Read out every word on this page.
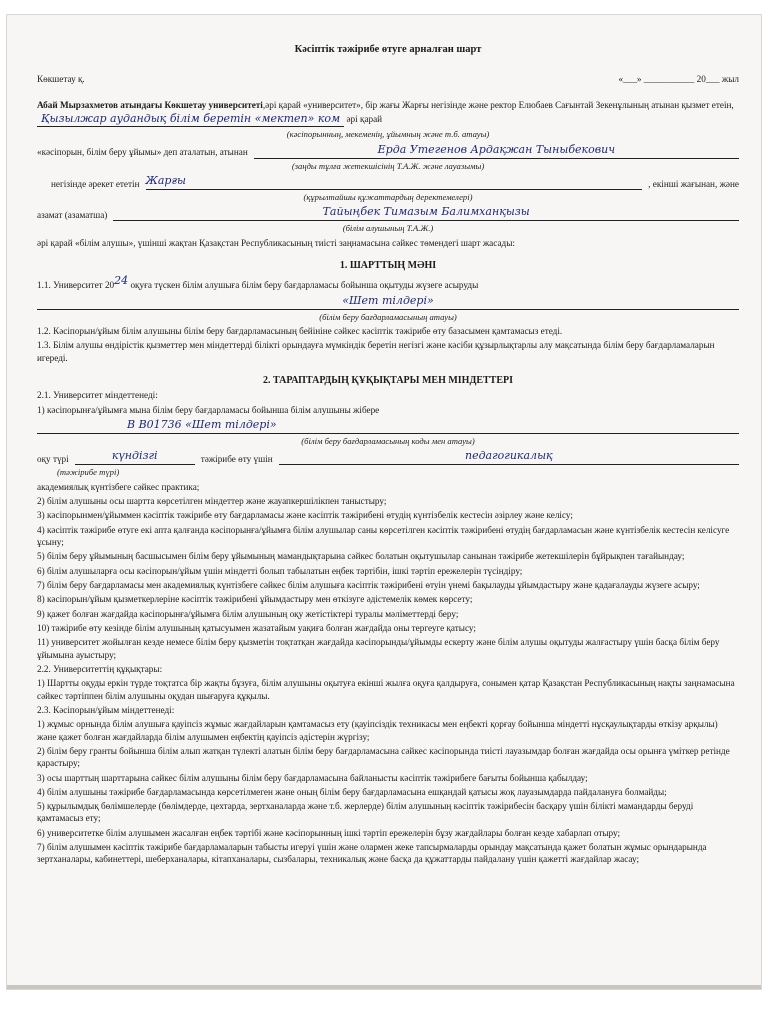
Кәсіптік тәжірибе өтуге арналған шарт
Көкшетау қ.	«___» ___________ 20___ жыл
Абай Мырзахметов атындағы Көкшетау университеті,әрі қарай «университет», бір жағы Жарғы негізінде және ректор Елюбаев Сағынтай Зекенұлының атынан қызмет етеін, Қызылжар аудандық білім беретін «мектеп» ком әрі қарай
(кәсіпорынның, мекеменің, ұйымның және т.б. атауы)
«кәсіпорын, білім беру ұйымы» деп аталатын, атынан	Ерда Утегенов Ардақжан Тыныбекович
(заңды тұлға жетекшісінің Т.А.Ж. және лауазымы)
негізінде әрекет ететін Жарғы	, екінші жағынан, және
(құрылтайшы құжаттардың деректемелері)
азамат (азаматша)	Тайыңбек Тимазым Балимханқызы
(білім алушының Т.А.Ж.)
әрі қарай «білім алушы», үшінші жақтан Қазақстан Республикасының тиісті заңнамасына сәйкес төмендегі шарт жасады:
1. ШАРТТЫҢ МӘНІ
1.1. Университет $20^{24}$ оқуға түскен білім алушыға білім беру бағдарламасы бойынша оқытуды жүзеге асыруды
«Шет тілдері»
(білім беру бағдарламасының атауы)
1.2. Кәсіпорын/ұйым білім алушыны білім беру бағдарламасының бейініне сәйкес кәсіптік тәжірибе өту базасымен қамтамасыз етеді.
1.3. Білім алушы өндірістік қызметтер мен міндеттерді білікті орындауға мүмкіндік беретін негізгі және кәсіби құзырлықтарлы алу мақсатында білім беру бағдарламаларын игереді.
2. ТАРАПТАРДЫҢ ҚҰҚЫҚТАРЫ МЕН МІНДЕТТЕРІ
2.1. Университет міндеттенеді:
1) кәсіпорынға/ұйымға мына білім беру бағдарламасы бойынша білім алушыны жібере
В В01736 «Шет тілдері»
(білім беру бағдарламасының коды мен атауы)
оқу түрі	күндізгі	тәжірибе өту үшін	педагогикалық
(тәжірибе түрі)
академиялық күнтізбеге сәйкес практика;
2) білім алушыны осы шартта көрсетілген міндеттер және жауапкершілікпен таныстыру;
3) кәсіпорынмен/ұйыммен кәсіптік тәжірибе өту бағдарламасы және кәсіптік тәжірибені өтудің күнтізбелік кестесін әзірлеу және келісу;
4) кәсіптік тәжірибе өтуге екі апта қалғанда кәсіпорынға/ұйымға білім алушылар саны көрсетілген кәсіптік тәжірибені өтудің бағдарламасын және күнтізбелік кестесін келісуге ұсыну;
5) білім беру ұйымының басшысымен білім беру ұйымының мамандықтарына сәйкес болатын оқытушылар санынан тәжірибе жетекшілерін бұйрықпен тағайындау;
6) білім алушыларға осы кәсіпорын/ұйым үшін міндетті болып табылатын еңбек тәртібін, ішкі тәртіп ережелерін түсіндіру;
7) білім беру бағдарламасы мен академиялық күнтізбеге сәйкес білім алушыға кәсіптік тәжірибені өтуін үнемі бақылауды ұйымдастыру және қадағалауды жүзеге асыру;
8) кәсіпорын/ұйым қызметкерлеріне кәсіптік тәжірибені ұйымдастыру мен өткізуге әдістемелік көмек көрсету;
9) қажет болған жағдайда кәсіпорынға/ұйымға білім алушының оқу жетістіктері туралы мәліметтерді беру;
10) тәжірибе өту кезінде білім алушының қатысуымен жазатайым уақиға болған жағдайда оны тергеуге қатысу;
11) университет жойылған кезде немесе білім беру қызметін тоқтатқан жағдайда кәсіпорынды/ұйымды ескерту және білім алушы оқытуды жалғастыру үшін басқа білім беру ұйымына ауыстыру;
2.2. Университеттің құқықтары:
1) Шартты оқуды еркін түрде тоқтатса бір жақты бұзуға, білім алушыны оқытуға екінші жылға оқуға қалдыруға, сонымен қатар Қазақстан Республикасының нақты заңнамасына сәйкес тәртіппен білім алушыны оқудан шығаруға құқылы.
2.3. Кәсіпорын/ұйым міндеттенеді:
1) жұмыс орнында білім алушыға қауіпсіз жұмыс жағдайларын қамтамасыз ету (қауіпсіздік техникасы мен еңбекті қорғау бойынша міндетті нұсқаулықтарды өткізу арқылы) және қажет болған жағдайларда білім алушымен еңбектің қауіпсіз әдістерін жүргізу;
2) білім беру гранты бойынша білім алып жатқан түлекті алатын білім беру бағдарламасына сәйкес кәсіпорында тиісті лауазымдар болған жағдайда осы орынға үміткер ретінде қарастыру;
3) осы шарттың шарттарына сәйкес білім алушыны білім беру бағдарламасына байланысты кәсіптік тәжірибеге бағыты бойынша қабылдау;
4) білім алушыны тәжірибе бағдарламасында көрсетілмеген және оның білім беру бағдарламасына ешқандай қатысы жоқ лауазымдарда пайдалануға болмайды;
5) құрылымдық бөлімшелерде (бөлімдерде, цехтарда, зертханаларда және т.б. жерлерде) білім алушының кәсіптік тәжірибесін басқару үшін білікті мамандарды беруді қамтамасыз ету;
6) университетке білім алушымен жасалған еңбек тәртібі және кәсіпорынның ішкі тәртіп ережелерін бұзу жағдайлары болған кезде хабарлап отыру;
7) білім алушымен кәсіптік тәжірибе бағдарламаларын табысты игеруі үшін және олармен жеке тапсырмаларды орындау мақсатында қажет болатын жұмыс орындарында зертханалары, кабинеттері, шеберханалары, кітапханалары, сызбалары, техникалық және басқа да құжаттарды пайдалану үшін қажетті жағдайлар жасау;
